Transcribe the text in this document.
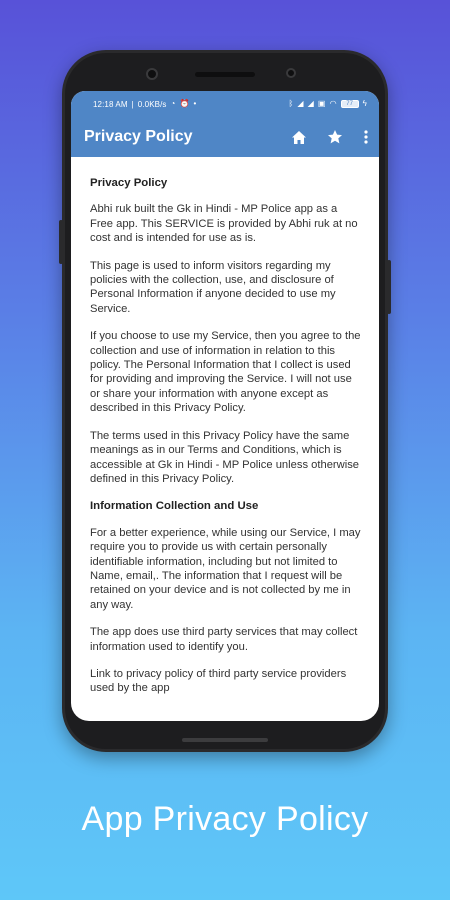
12:18 AM | 0.0KB/s ◔ ⏰ •	ᛒ ◢ ◢ ▣ ◠	77	ϟ
Privacy Policy
Privacy Policy

Abhi ruk built the Gk in Hindi - MP Police app as a Free app. This SERVICE is provided by Abhi ruk at no cost and is intended for use as is.

This page is used to inform visitors regarding my policies with the collection, use, and disclosure of Personal Information if anyone decided to use my Service.

If you choose to use my Service, then you agree to the collection and use of information in relation to this policy. The Personal Information that I collect is used for providing and improving the Service. I will not use or share your information with anyone except as described in this Privacy Policy.

The terms used in this Privacy Policy have the same meanings as in our Terms and Conditions, which is accessible at Gk in Hindi - MP Police unless otherwise defined in this Privacy Policy.

Information Collection and Use

For a better experience, while using our Service, I may require you to provide us with certain personally identifiable information, including but not limited to Name, email,. The information that I request will be retained on your device and is not collected by me in any way.

The app does use third party services that may collect information used to identify you.

Link to privacy policy of third party service providers used by the app

App Privacy Policy
